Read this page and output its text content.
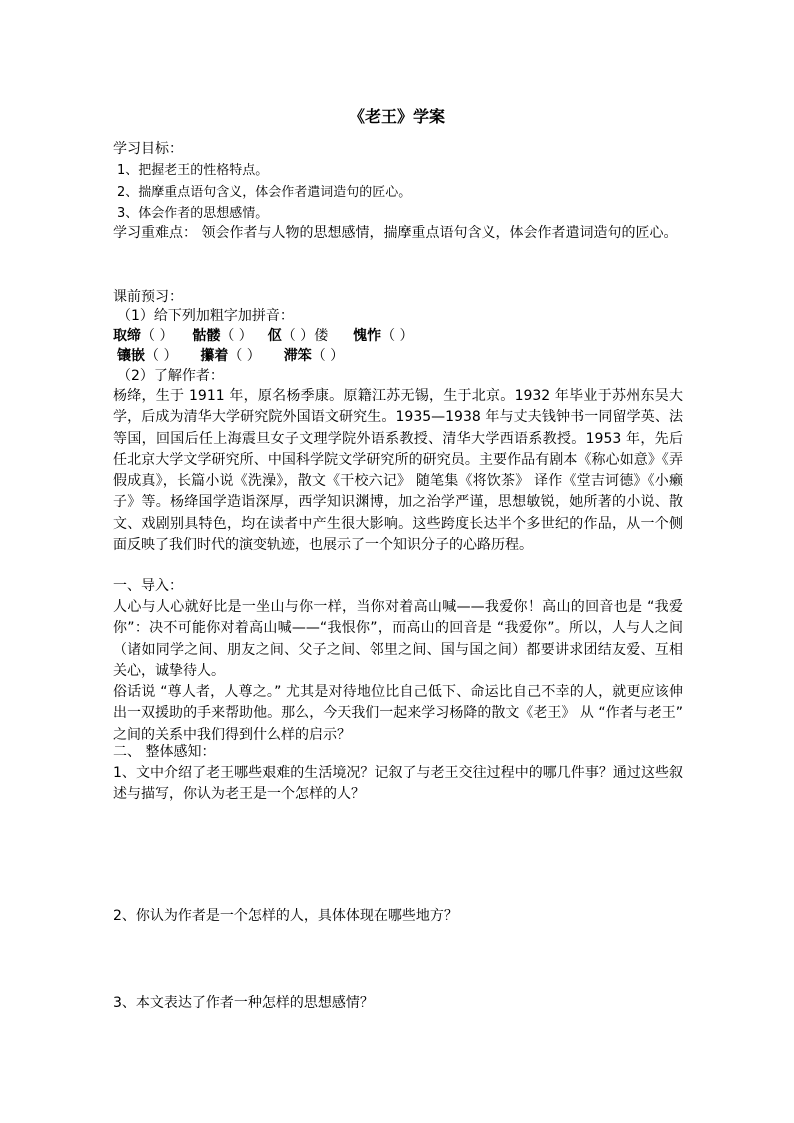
《老王》学案
学习目标：
1、把握老王的性格特点。
2、揣摩重点语句含义，体会作者遣词造句的匠心。
3、体会作者的思想感情。
学习重难点： 领会作者与人物的思想感情，揣摩重点语句含义，体会作者遣词造句的匠心。
课前预习：
（1）给下列加粗字加拼音：
取缔（ ） 骷髅（ ） 伛（ ）偻 愧怍（ ）
镶嵌（ ） 攥着（ ） 滞笨（ ）
（2）了解作者：
杨绛，生于 1911 年，原名杨季康。原籍江苏无锡，生于北京。1932 年毕业于苏州东吴大学，后成为清华大学研究院外国语文研究生。1935—1938 年与丈夫钱钟书一同留学英、法等国，回国后任上海震旦女子文理学院外语系教授、清华大学西语系教授。1953 年，先后任北京大学文学研究所、中国科学院文学研究所的研究员。主要作品有剧本《称心如意》《弄假成真》，长篇小说《洗澡》，散文《干校六记》 随笔集《将饮茶》 译作《堂吉诃德》《小癞子》等。杨绛国学造诣深厚，西学知识渊博，加之治学严谨，思想敏锐，她所著的小说、散文、戏剧别具特色，均在读者中产生很大影响。这些跨度长达半个多世纪的作品，从一个侧面反映了我们时代的演变轨迹，也展示了一个知识分子的心路历程。
一、导入：
人心与人心就好比是一坐山与你一样，当你对着高山喊——我爱你！高山的回音也是 “我爱你”：决不可能你对着高山喊——“我恨你”，而高山的回音是 “我爱你”。所以，人与人之间（诸如同学之间、朋友之间、父子之间、邻里之间、国与国之间）都要讲求团结友爱、互相关心，诚挚待人。
俗话说 “尊人者，人尊之。” 尤其是对待地位比自己低下、命运比自己不幸的人，就更应该伸出一双援助的手来帮助他。那么，今天我们一起来学习杨降的散文《老王》 从 “作者与老王” 之间的关系中我们得到什么样的启示？
二、 整体感知：
1、文中介绍了老王哪些艰难的生活境况？记叙了与老王交往过程中的哪几件事？通过这些叙述与描写，你认为老王是一个怎样的人？
2、你认为作者是一个怎样的人，具体体现在哪些地方？
3、本文表达了作者一种怎样的思想感情？
